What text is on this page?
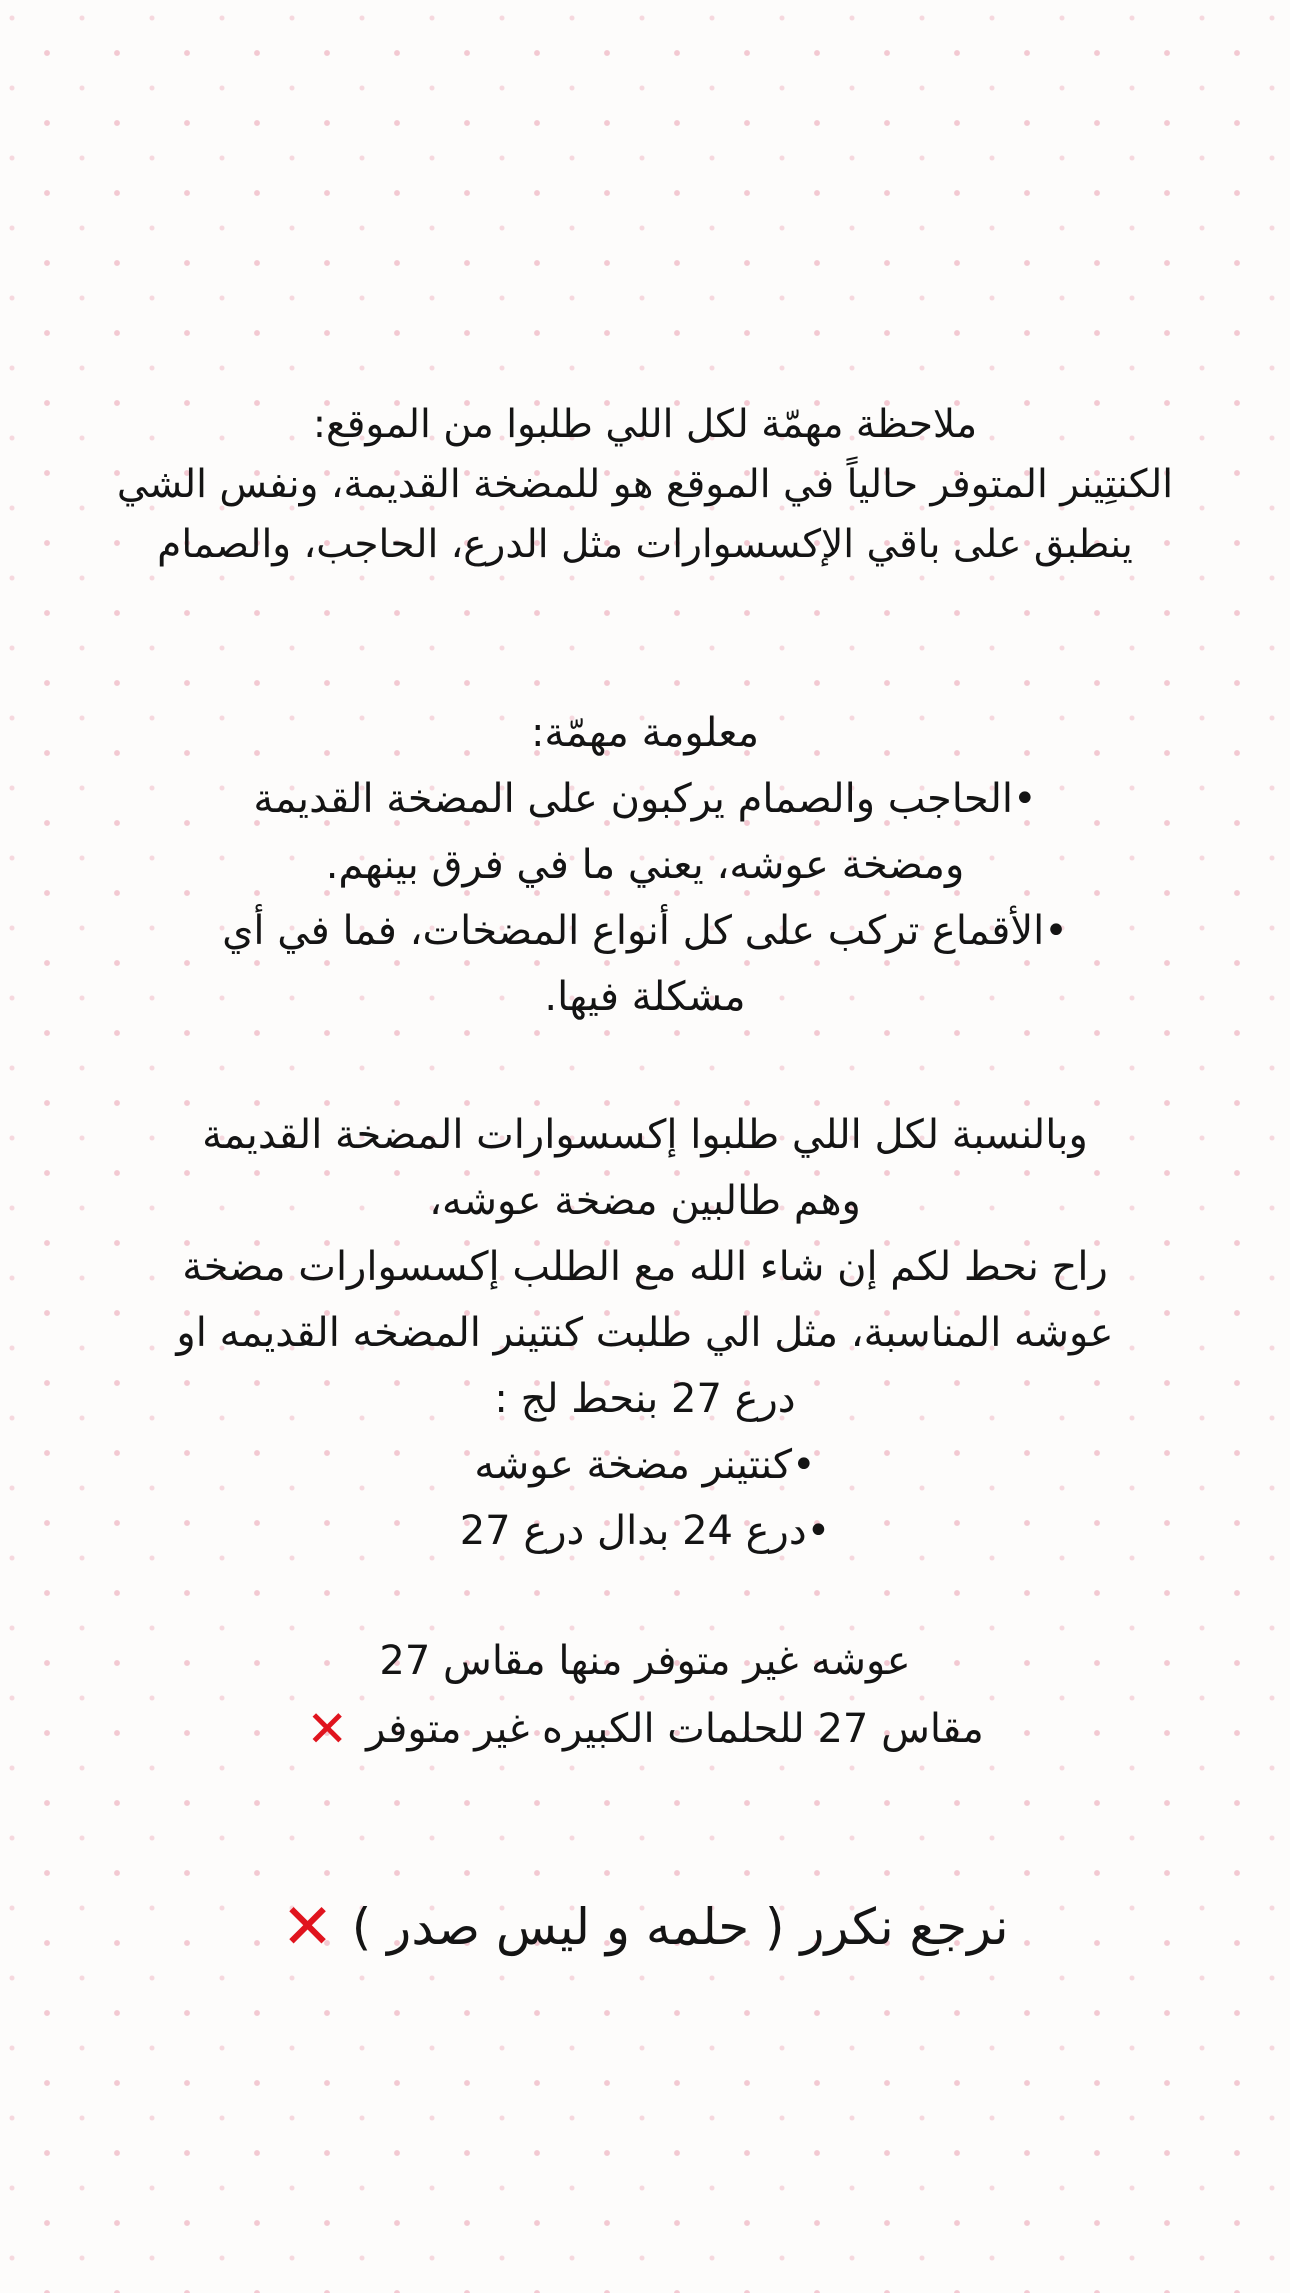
ملاحظة مهمّة لكل اللي طلبوا من الموقع:
الكنتِينر المتوفر حالياً في الموقع هو للمضخة القديمة، ونفس الشي
ينطبق على باقي الإكسسوارات مثل الدرع، الحاجب، والصمام
معلومة مهمّة:
•الحاجب والصمام يركبون على المضخة القديمة
ومضخة عوشه، يعني ما في فرق بينهم.
•الأقماع تركب على كل أنواع المضخات، فما في أي
مشكلة فيها.
وبالنسبة لكل اللي طلبوا إكسسوارات المضخة القديمة
وهم طالبين مضخة عوشه،
راح نحط لكم إن شاء الله مع الطلب إكسسوارات مضخة
عوشه المناسبة، مثل الي طلبت كنتينر المضخه القديمه او
درع 27 بنحط لج :
•كنتينر مضخة عوشه
•درع 24 بدال درع 27
عوشه غير متوفر منها مقاس 27
مقاس 27 للحلمات الكبيره غير متوفر✕
نرجع نكرر ( حلمه و ليس صدر )✕
